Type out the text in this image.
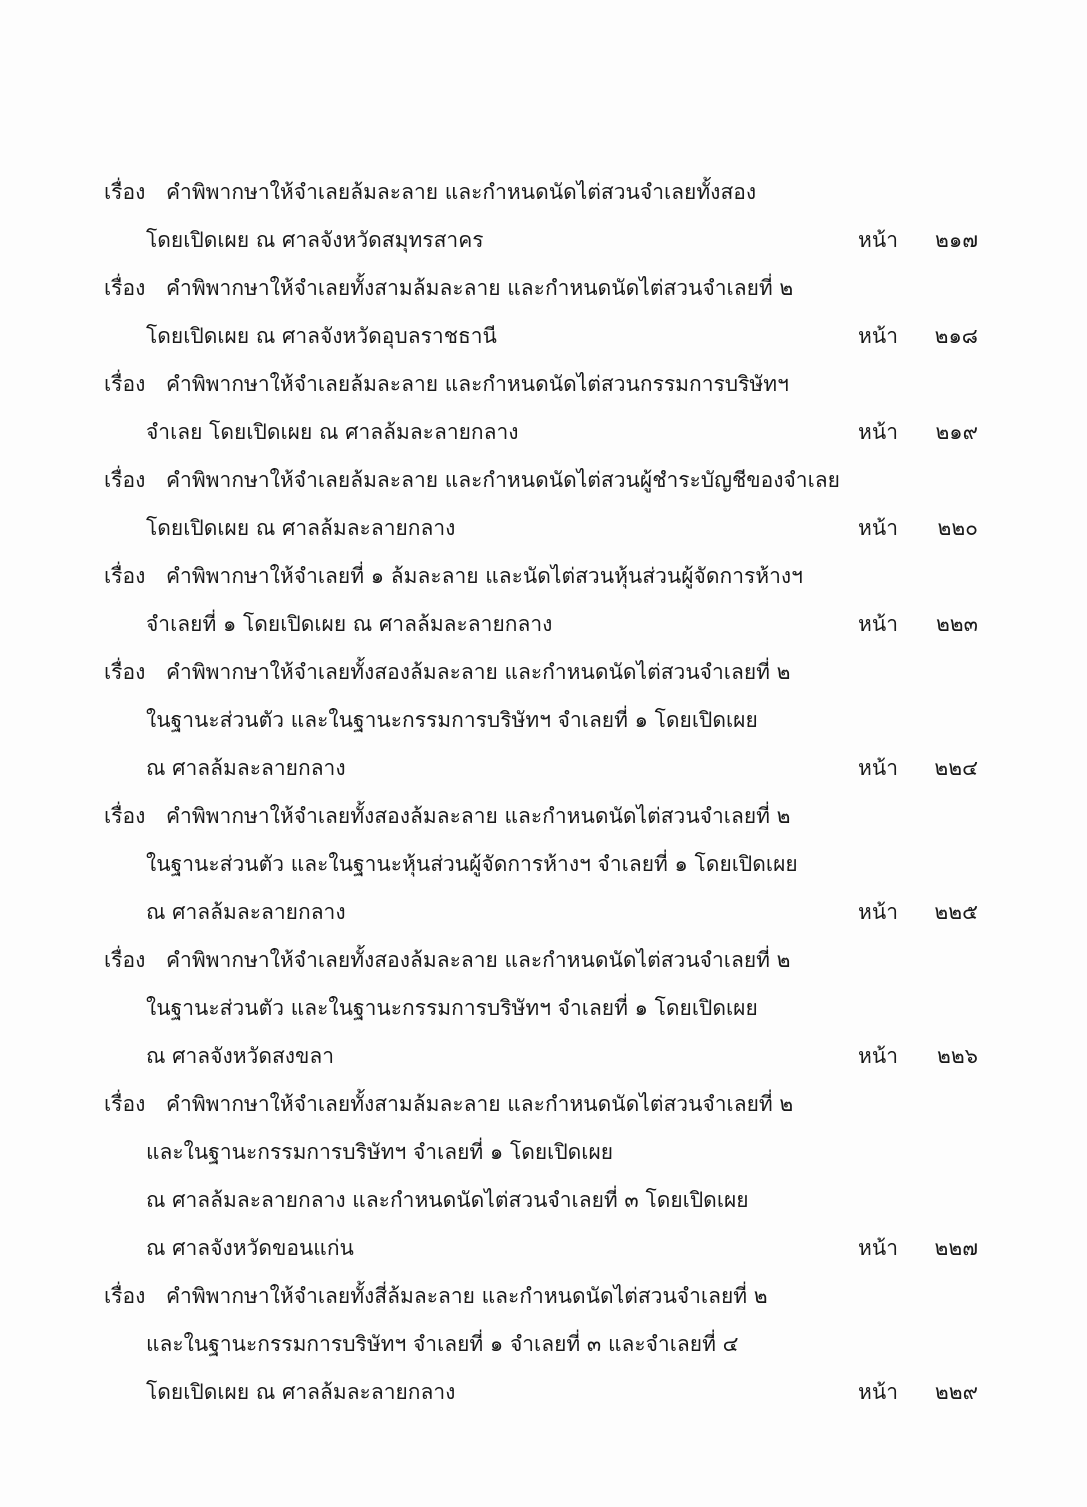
เรื่อง คำพิพากษาให้จำเลยล้มละลาย และกำหนดนัดไต่สวนจำเลยทั้งสอง
โดยเปิดเผย ณ ศาลจังหวัดสมุทรสาคร	หน้า ๒๑๗
เรื่อง คำพิพากษาให้จำเลยทั้งสามล้มละลาย และกำหนดนัดไต่สวนจำเลยที่ ๒
โดยเปิดเผย ณ ศาลจังหวัดอุบลราชธานี	หน้า ๒๑๘
เรื่อง คำพิพากษาให้จำเลยล้มละลาย และกำหนดนัดไต่สวนกรรมการบริษัทฯ
จำเลย โดยเปิดเผย ณ ศาลล้มละลายกลาง	หน้า ๒๑๙
เรื่อง คำพิพากษาให้จำเลยล้มละลาย และกำหนดนัดไต่สวนผู้ชำระบัญชีของจำเลย
โดยเปิดเผย ณ ศาลล้มละลายกลาง	หน้า ๒๒๐
เรื่อง คำพิพากษาให้จำเลยที่ ๑ ล้มละลาย และนัดไต่สวนหุ้นส่วนผู้จัดการห้างฯ
จำเลยที่ ๑ โดยเปิดเผย ณ ศาลล้มละลายกลาง	หน้า ๒๒๓
เรื่อง คำพิพากษาให้จำเลยทั้งสองล้มละลาย และกำหนดนัดไต่สวนจำเลยที่ ๒
ในฐานะส่วนตัว และในฐานะกรรมการบริษัทฯ จำเลยที่ ๑ โดยเปิดเผย
ณ ศาลล้มละลายกลาง	หน้า ๒๒๔
เรื่อง คำพิพากษาให้จำเลยทั้งสองล้มละลาย และกำหนดนัดไต่สวนจำเลยที่ ๒
ในฐานะส่วนตัว และในฐานะหุ้นส่วนผู้จัดการห้างฯ จำเลยที่ ๑ โดยเปิดเผย
ณ ศาลล้มละลายกลาง	หน้า ๒๒๕
เรื่อง คำพิพากษาให้จำเลยทั้งสองล้มละลาย และกำหนดนัดไต่สวนจำเลยที่ ๒
ในฐานะส่วนตัว และในฐานะกรรมการบริษัทฯ จำเลยที่ ๑ โดยเปิดเผย
ณ ศาลจังหวัดสงขลา	หน้า ๒๒๖
เรื่อง คำพิพากษาให้จำเลยทั้งสามล้มละลาย และกำหนดนัดไต่สวนจำเลยที่ ๒
และในฐานะกรรมการบริษัทฯ จำเลยที่ ๑ โดยเปิดเผย
ณ ศาลล้มละลายกลาง และกำหนดนัดไต่สวนจำเลยที่ ๓ โดยเปิดเผย
ณ ศาลจังหวัดขอนแก่น	หน้า ๒๒๗
เรื่อง คำพิพากษาให้จำเลยทั้งสี่ล้มละลาย และกำหนดนัดไต่สวนจำเลยที่ ๒
และในฐานะกรรมการบริษัทฯ จำเลยที่ ๑ จำเลยที่ ๓ และจำเลยที่ ๔
โดยเปิดเผย ณ ศาลล้มละลายกลาง	หน้า ๒๒๙
